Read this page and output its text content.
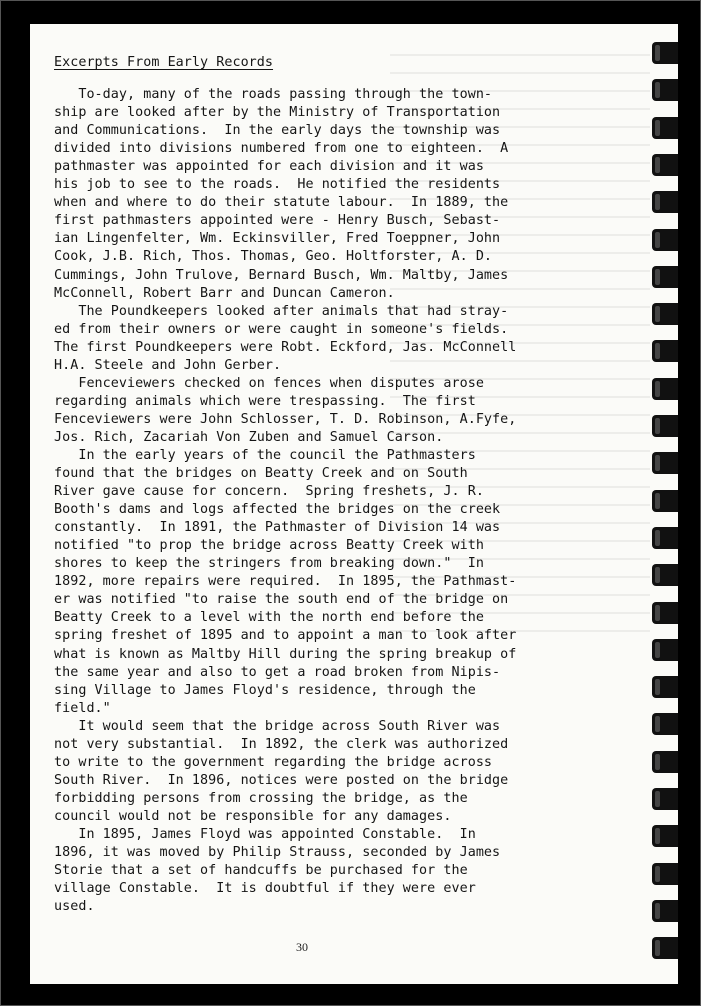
Excerpts From Early Records
To-day, many of the roads passing through the town-
ship are looked after by the Ministry of Transportation
and Communications.  In the early days the township was
divided into divisions numbered from one to eighteen.  A
pathmaster was appointed for each division and it was
his job to see to the roads.  He notified the residents
when and where to do their statute labour.  In 1889, the
first pathmasters appointed were - Henry Busch, Sebast-
ian Lingenfelter, Wm. Eckinsviller, Fred Toeppner, John
Cook, J.B. Rich, Thos. Thomas, Geo. Holtforster, A. D.
Cummings, John Trulove, Bernard Busch, Wm. Maltby, James
McConnell, Robert Barr and Duncan Cameron.
The Poundkeepers looked after animals that had stray-
ed from their owners or were caught in someone's fields.
The first Poundkeepers were Robt. Eckford, Jas. McConnell
H.A. Steele and John Gerber.
Fenceviewers checked on fences when disputes arose
regarding animals which were trespassing.  The first
Fenceviewers were John Schlosser, T. D. Robinson, A.Fyfe,
Jos. Rich, Zacariah Von Zuben and Samuel Carson.
In the early years of the council the Pathmasters
found that the bridges on Beatty Creek and on South
River gave cause for concern.  Spring freshets, J. R.
Booth's dams and logs affected the bridges on the creek
constantly.  In 1891, the Pathmaster of Division 14 was
notified "to prop the bridge across Beatty Creek with
shores to keep the stringers from breaking down."  In
1892, more repairs were required.  In 1895, the Pathmast-
er was notified "to raise the south end of the bridge on
Beatty Creek to a level with the north end before the
spring freshet of 1895 and to appoint a man to look after
what is known as Maltby Hill during the spring breakup of
the same year and also to get a road broken from Nipis-
sing Village to James Floyd's residence, through the
field."
It would seem that the bridge across South River was
not very substantial.  In 1892, the clerk was authorized
to write to the government regarding the bridge across
South River.  In 1896, notices were posted on the bridge
forbidding persons from crossing the bridge, as the
council would not be responsible for any damages.
In 1895, James Floyd was appointed Constable.  In
1896, it was moved by Philip Strauss, seconded by James
Storie that a set of handcuffs be purchased for the
village Constable.  It is doubtful if they were ever
used.
30
